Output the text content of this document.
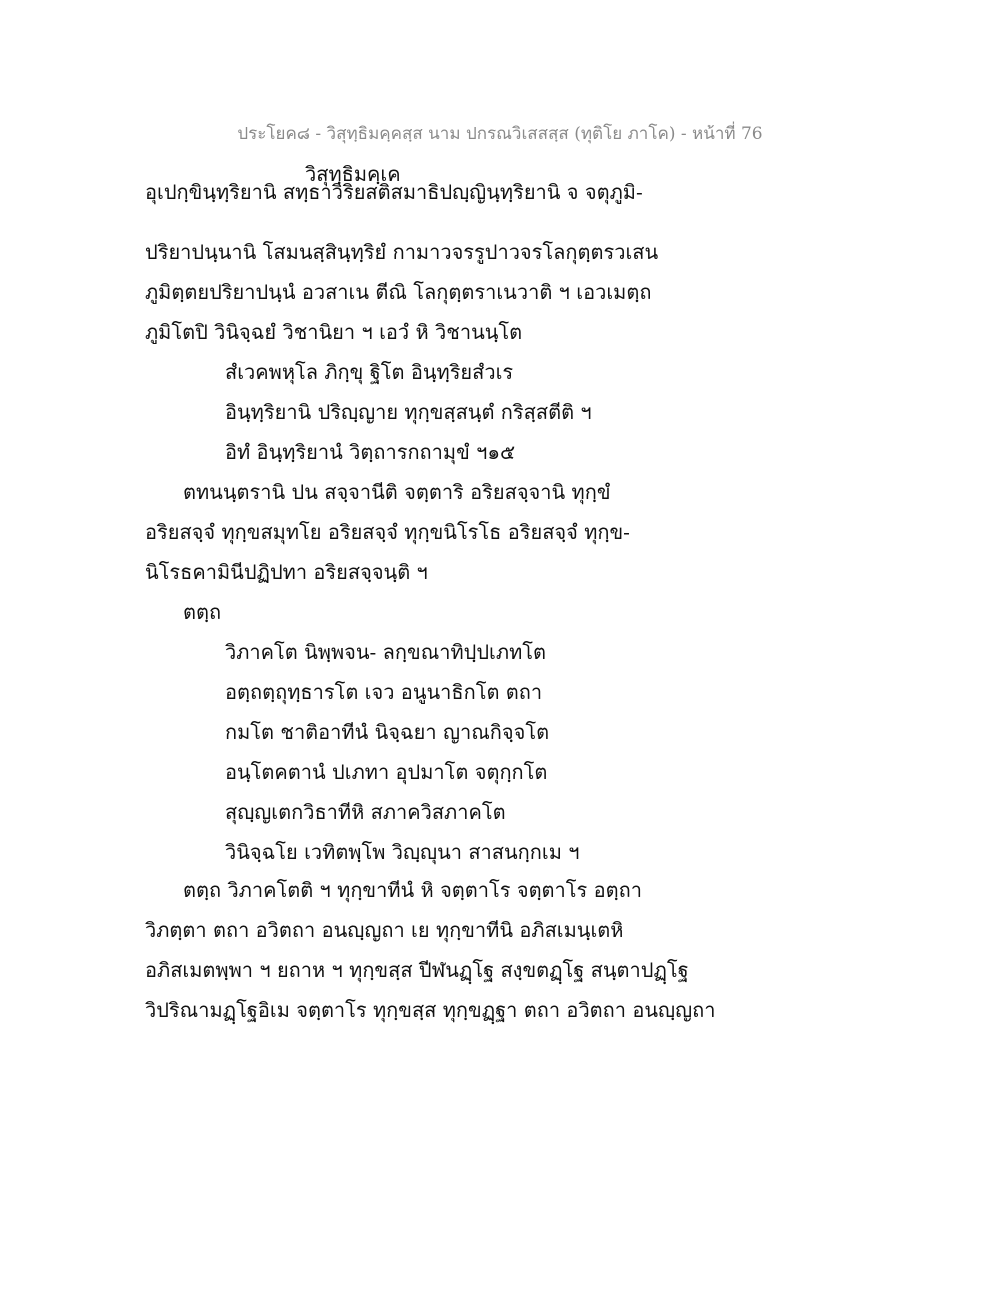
ประโยค๘ - วิสุทฺธิมคฺคสฺส นาม ปกรณวิเสสสฺส (ทุติโย ภาโค) - หน้าที่ 76
วิสุทฺธิมคฺเค
อุเปกฺขินฺทฺริยานิ สทฺธาวิริยสติสมาธิปญฺญินฺทฺริยานิ จ จตุภูมิ-
ปริยาปนฺนานิ โสมนสฺสินฺทฺริยํ กามาวจรรูปาวจรโลกุตฺตรวเสน
ภูมิตฺตยปริยาปนฺนํ อวสาเน ตีณิ โลกุตฺตราเนวาติ ฯ เอวเมตฺถ
ภูมิโตปิ วินิจฺฉยํ วิชานิยา ฯ เอวํ หิ วิชานนฺโต
สํเวคพหุโล ภิกฺขุ ฐิโต อินฺทฺริยสํวเร
อินฺทฺริยานิ ปริญฺญาย ทุกฺขสฺสนฺตํ กริสฺสตีติ ฯ
อิทํ อินฺทฺริยานํ วิตฺถารกถามุขํ ฯ๑๕
ตทนนฺตรานิ ปน สจฺจานีติ จตฺตาริ อริยสจฺจานิ ทุกฺขํ
อริยสจฺจํ ทุกฺขสมุทโย อริยสจฺจํ ทุกฺขนิโรโธ อริยสจฺจํ ทุกฺข-
นิโรธคามินีปฏิปทา อริยสจฺจนฺติ ฯ
ตตฺถ
วิภาคโต นิพฺพจน- ลกฺขณาทิปฺปเภทโต
อตฺถตฺถุทฺธารโต เจว อนูนาธิกโต ตถา
กมโต ชาติอาทีนํ นิจฺฉยา ญาณกิจฺจโต
อนฺโตคตานํ ปเภทา อุปมาโต จตุกฺกโต
สุญฺญเตกวิธาทีหิ สภาควิสภาคโต
วินิจฺฉโย เวทิตพฺโพ วิญฺญุนา สาสนกฺกเม ฯ
ตตฺถ วิภาคโตติ ฯ ทุกฺขาทีนํ หิ จตฺตาโร จตฺตาโร อตฺถา
วิภตฺตา ตถา อวิตถา อนญฺญถา เย ทุกฺขาทีนิ อภิสเมนฺเตหิ
อภิสเมตพฺพา ฯ ยถาห ฯ ทุกฺขสฺส ปีฬนฏฺโฐ สงฺขตฏฺโฐ สนฺตาปฏฺโฐ
วิปริณามฏฺโฐอิเม จตฺตาโร ทุกฺขสฺส ทุกฺขฏฺฐา ตถา อวิตถา อนญฺญถา
